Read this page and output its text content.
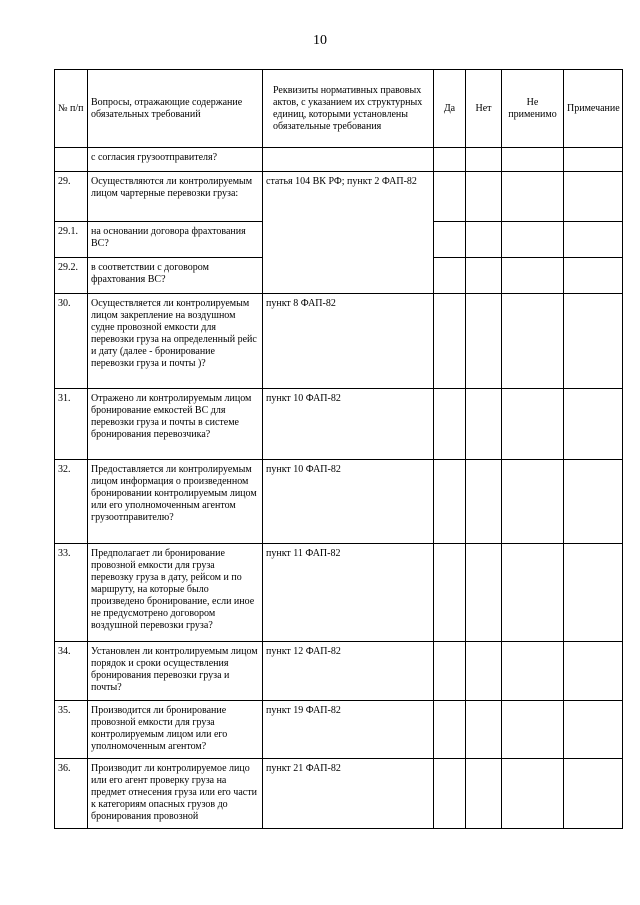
10
№ п/п	Вопросы, отражающие содержание обязательных требований	Реквизиты нормативных правовых актов, с указанием их структурных единиц, которыми установлены обязательные требования	Да	Нет	Не применимо	Примечание
	с согласия грузоотправителя?					
29.	Осуществляются ли контролируемым лицом чартерные перевозки груза:	статья 104 ВК РФ; пункт 2 ФАП-82				
29.1.	на основании договора фрахтования ВС?					
29.2.	в соответствии с договором фрахтования ВС?					
30.	Осуществляется ли контролируемым лицом закрепление на воздушном судне провозной емкости для перевозки груза на определенный рейс и дату (далее - бронирование перевозки груза и почты )?	пункт 8 ФАП-82				
31.	Отражено ли контролируемым лицом бронирование емкостей ВС для перевозки груза и почты в системе бронирования перевозчика?	пункт 10 ФАП-82				
32.	Предоставляется ли контролируемым лицом информация о произведенном бронировании контролируемым лицом или его уполномоченным агентом грузоотправителю?	пункт 10 ФАП-82				
33.	Предполагает ли бронирование провозной емкости для груза перевозку груза в дату, рейсом и по маршруту, на которые было произведено бронирование, если иное не предусмотрено договором воздушной перевозки груза?	пункт 11 ФАП-82				
34.	Установлен ли контролируемым лицом порядок и сроки осуществления бронирования перевозки груза и почты?	пункт 12 ФАП-82				
35.	Производится ли бронирование провозной емкости для груза контролируемым лицом или его уполномоченным агентом?	пункт 19 ФАП-82				
36.	Производит ли контролируемое лицо или его агент проверку груза на предмет отнесения груза или его части к категориям опасных грузов до бронирования провозной	пункт 21 ФАП-82				
